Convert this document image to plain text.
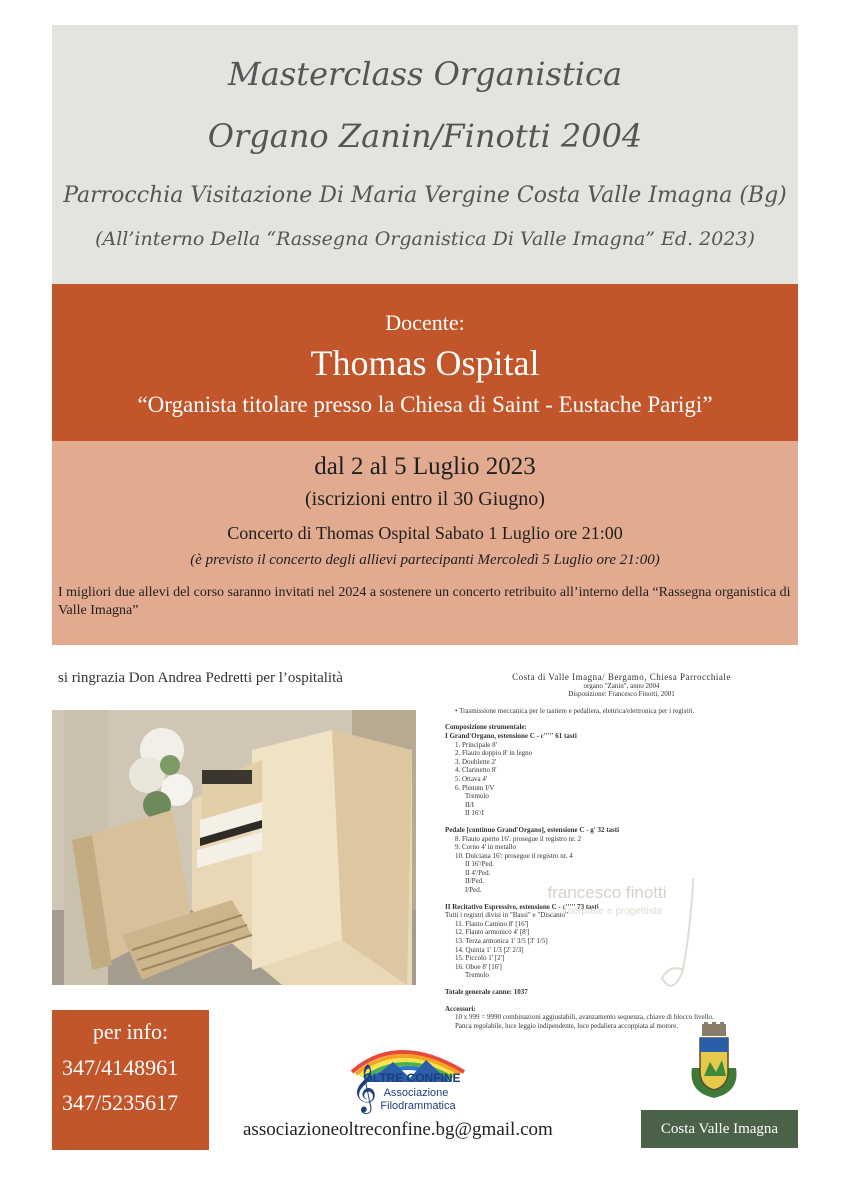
Masterclass Organistica
Organo Zanin/Finotti 2004
Parrocchia Visitazione Di Maria Vergine Costa Valle Imagna (Bg)
(All’interno Della “Rassegna Organistica Di Valle Imagna” Ed. 2023)
Docente:
Thomas Ospital
“Organista titolare presso la Chiesa di Saint - Eustache Parigi”
dal 2 al 5 Luglio 2023
(iscrizioni entro il 30 Giugno)
Concerto di Thomas Ospital Sabato 1 Luglio ore 21:00
(è previsto il concerto degli allievi partecipanti Mercoledì 5 Luglio ore 21:00)
I migliori due allevi del corso saranno invitati nel 2024 a sostenere un concerto retribuito all’interno della “Rassegna organistica di Valle Imagna”
si ringrazia Don Andrea Pedretti per l’ospitalità	Costa di Valle Imagna/ Bergamo, Chiesa Parrocchiale
organo "Zanin", anno 2004
Disposizione: Francesco Finotti, 2001
• Trasmissione meccanica per le tastiere e pedaliera, elettrica/elettronica per i registri.
Composizione strumentale:
I Grand'Organo, estensione C - c''''' 61 tasti
1. Principale 8'
2. Flauto doppio 8' in legno
3. Doublette 2'
4. Clarinetto 8'
5. Ottava 4'
6. Plenum I/V
Tremolo
II/I
II 16'/I
Pedale [continuo Grand'Organo], estensione C - g' 32 tasti
8. Flauto aperto 16': prosegue il registro nr. 2
9. Corno 4' in metallo
10. Dulciana 16': prosegue il registro nr. 4
II 16'/Ped.
II 4'/Ped.
II/Ped.
I/Ped.
II Recitativo Espressivo, estensione C - c''''' 73 tasti
Tutti i registri divisi in "Bassi" e "Discanto"
11. Flauto Camino 8' [16']
12. Flauto armonico 4' [8']
13. Terza armonica 1' 3/5 [3' 1/5]
14. Quinta 1' 1/3 [2' 2/3]
15. Piccolo 1' [2']
16. Oboe 8' [16']
Tremolo
Totale generale canne: 1037
Accessori:
10 x 999 = 9990 combinazioni aggiustabili, avanzamento sequenza, chiave di blocco livello.
Panca regolabile, luce leggio indipendente, luce pedaliera accoppiata al motore.
francesco finotti
interprete e progettista
per info:
347/4148961
347/5235617	𝄞
OLTRE CONFINE
Associazione
Filodrammatica
associazioneoltreconfine.bg@gmail.com	Costa Valle Imagna
